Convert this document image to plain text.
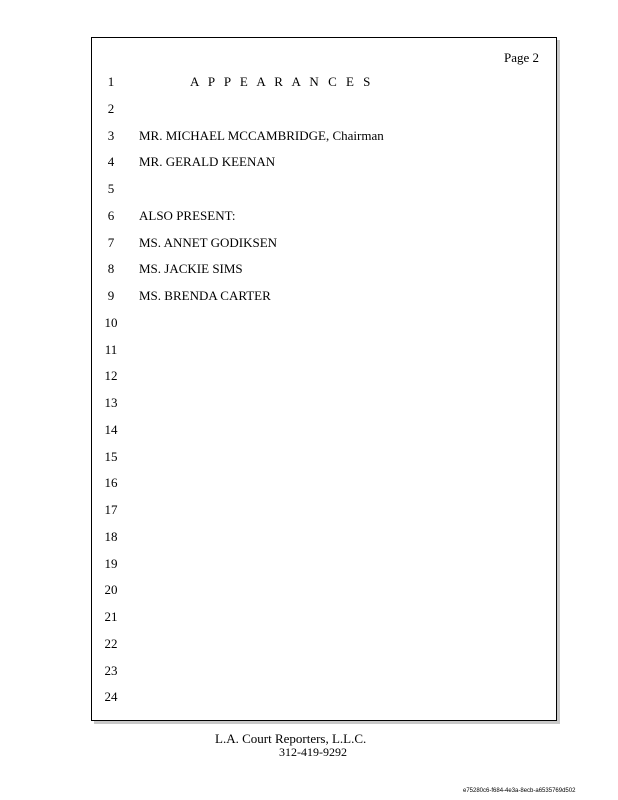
Page 2
1	A P P E A R A N C E S
2
3	MR. MICHAEL MCCAMBRIDGE, Chairman
4	MR. GERALD KEENAN
5
6	ALSO PRESENT:
7	MS. ANNET GODIKSEN
8	MS. JACKIE SIMS
9	MS. BRENDA CARTER
10
11
12
13
14
15
16
17
18
19
20
21
22
23
24
L.A. Court Reporters, L.L.C.
312-419-9292
e75280c6-f684-4e3a-8ecb-a6535769d502
